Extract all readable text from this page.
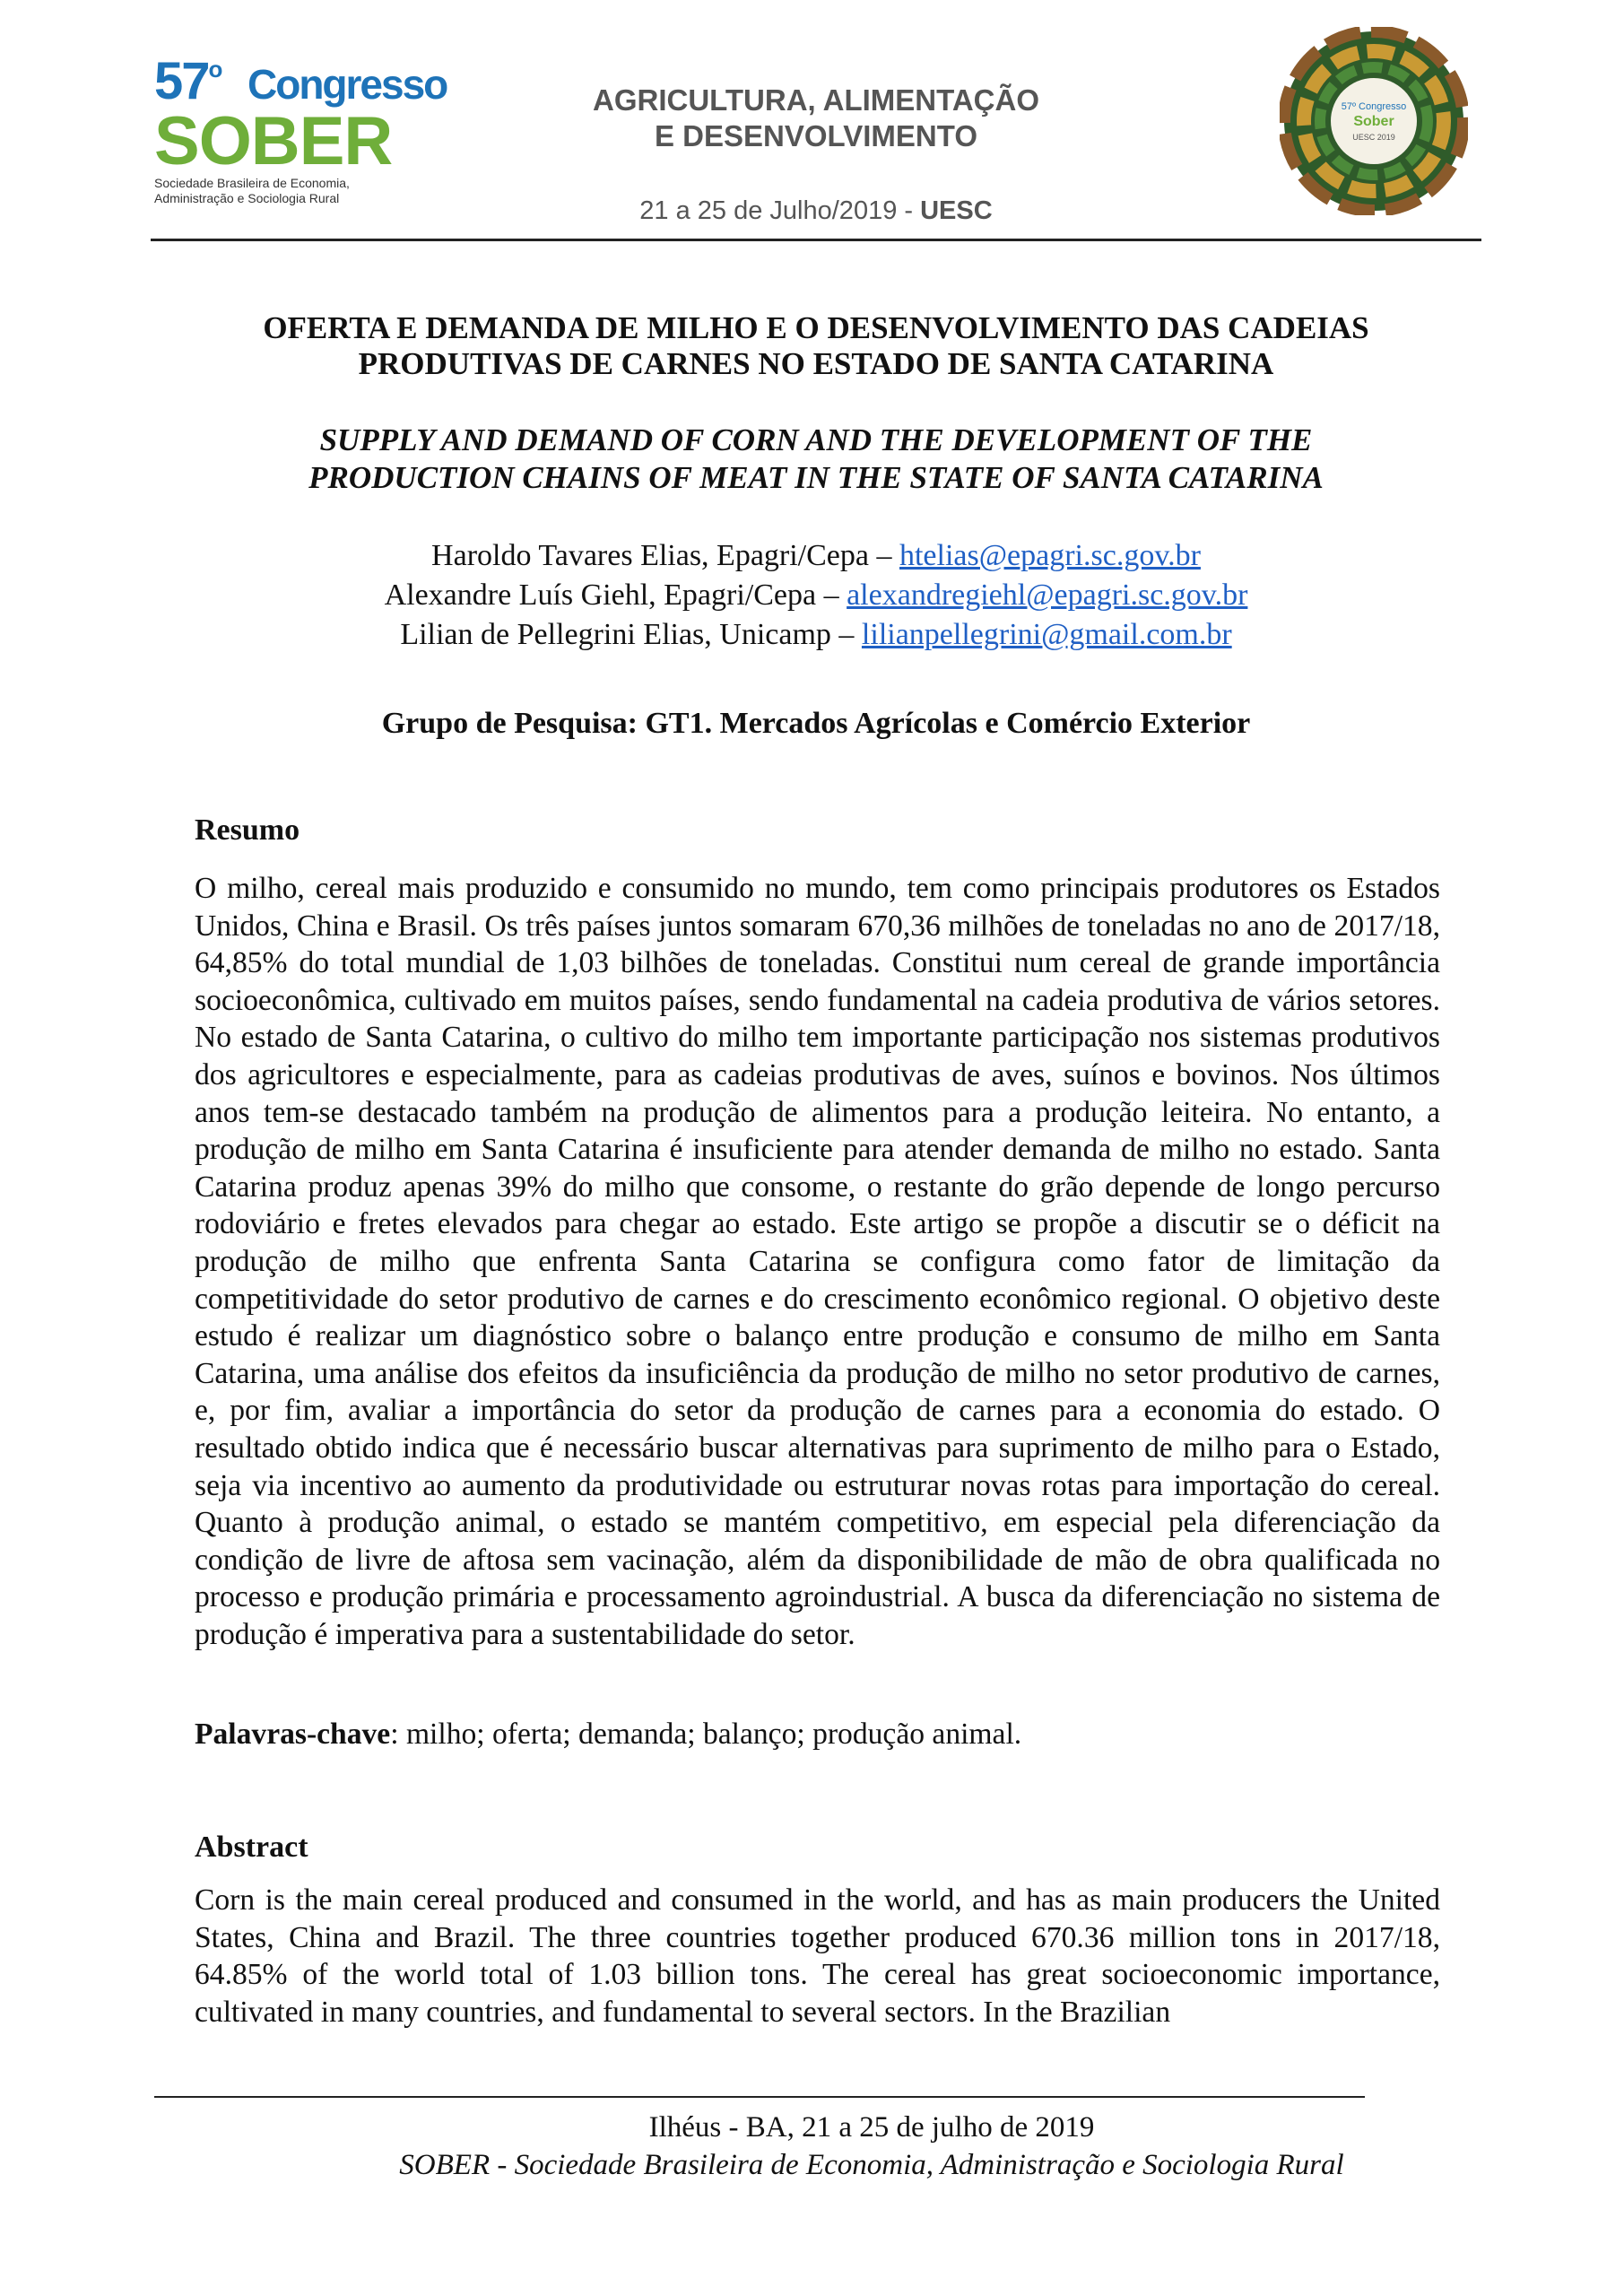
57$^o$ Congresso
SOBER
Sociedade Brasileira de Economia,
Administração e Sociologia Rural
AGRICULTURA, ALIMENTAÇÃO
E DESENVOLVIMENTO
21 a 25 de Julho/2019 - UESC
57º Congresso
Sober
UESC 2019
OFERTA E DEMANDA DE MILHO E O DESENVOLVIMENTO DAS CADEIAS
PRODUTIVAS DE CARNES NO ESTADO DE SANTA CATARINA
SUPPLY AND DEMAND OF CORN AND THE DEVELOPMENT OF THE
PRODUCTION CHAINS OF MEAT IN THE STATE OF SANTA CATARINA
Haroldo Tavares Elias, Epagri/Cepa – htelias@epagri.sc.gov.br
Alexandre Luís Giehl, Epagri/Cepa – alexandregiehl@epagri.sc.gov.br
Lilian de Pellegrini Elias, Unicamp – lilianpellegrini@gmail.com.br
Grupo de Pesquisa: GT1. Mercados Agrícolas e Comércio Exterior
Resumo

O milho, cereal mais produzido e consumido no mundo, tem como principais produtores os Estados Unidos, China e Brasil. Os três países juntos somaram 670,36 milhões de toneladas no ano de 2017/18, 64,85% do total mundial de 1,03 bilhões de toneladas. Constitui num cereal de grande importância socioeconômica, cultivado em muitos países, sendo fundamental na cadeia produtiva de vários setores. No estado de Santa Catarina, o cultivo do milho tem importante participação nos sistemas produtivos dos agricultores e especialmente, para as cadeias produtivas de aves, suínos e bovinos. Nos últimos anos tem-se destacado também na produção de alimentos para a produção leiteira. No entanto, a produção de milho em Santa Catarina é insuficiente para atender demanda de milho no estado. Santa Catarina produz apenas 39% do milho que consome, o restante do grão depende de longo percurso rodoviário e fretes elevados para chegar ao estado. Este artigo se propõe a discutir se o déficit na produção de milho que enfrenta Santa Catarina se configura como fator de limitação da competitividade do setor produtivo de carnes e do crescimento econômico regional. O objetivo deste estudo é realizar um diagnóstico sobre o balanço entre produção e consumo de milho em Santa Catarina, uma análise dos efeitos da insuficiência da produção de milho no setor produtivo de carnes, e, por fim, avaliar a importância do setor da produção de carnes para a economia do estado. O resultado obtido indica que é necessário buscar alternativas para suprimento de milho para o Estado, seja via incentivo ao aumento da produtividade ou estruturar novas rotas para importação do cereal. Quanto à produção animal, o estado se mantém competitivo, em especial pela diferenciação da condição de livre de aftosa sem vacinação, além da disponibilidade de mão de obra qualificada no processo e produção primária e processamento agroindustrial. A busca da diferenciação no sistema de produção é imperativa para a sustentabilidade do setor.

Palavras-chave: milho; oferta; demanda; balanço; produção animal.

Abstract

Corn is the main cereal produced and consumed in the world, and has as main producers the United States, China and Brazil. The three countries together produced 670.36 million tons in 2017/18, 64.85% of the world total of 1.03 billion tons. The cereal has great socioeconomic importance, cultivated in many countries, and fundamental to several sectors. In the Brazilian

Ilhéus - BA, 21 a 25 de julho de 2019
SOBER - Sociedade Brasileira de Economia, Administração e Sociologia Rural
